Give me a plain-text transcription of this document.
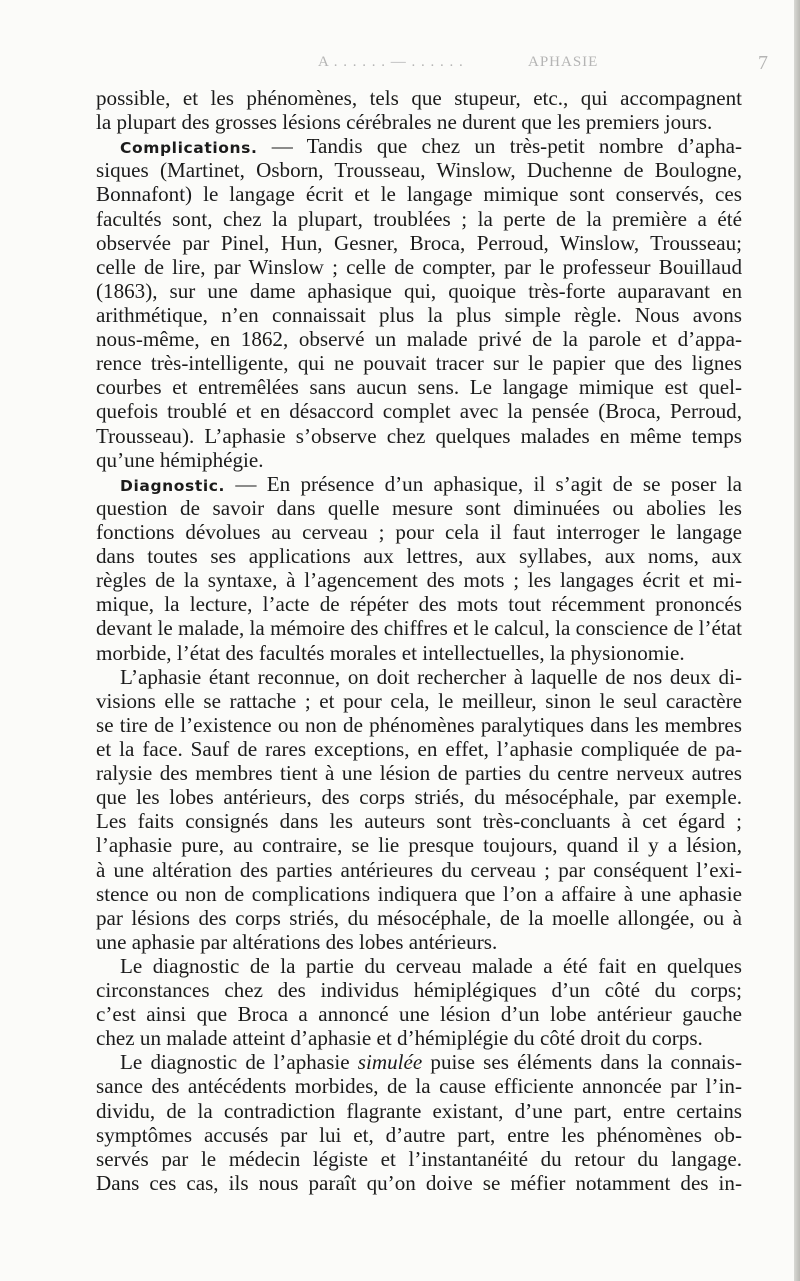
A . . . . . . — . . . . . .	APHASIE	7
possible, et les phénomènes, tels que stupeur, etc., qui accompagnent
la plupart des grosses lésions cérébrales ne durent que les premiers jours.
Complications. — Tandis que chez un très-petit nombre d’apha-
siques (Martinet, Osborn, Trousseau, Winslow, Duchenne de Boulogne,
Bonnafont) le langage écrit et le langage mimique sont conservés, ces
facultés sont, chez la plupart, troublées ; la perte de la première a été
observée par Pinel, Hun, Gesner, Broca, Perroud, Winslow, Trousseau;
celle de lire, par Winslow ; celle de compter, par le professeur Bouillaud
(1863), sur une dame aphasique qui, quoique très-forte auparavant en
arithmétique, n’en connaissait plus la plus simple règle. Nous avons
nous-même, en 1862, observé un malade privé de la parole et d’appa-
rence très-intelligente, qui ne pouvait tracer sur le papier que des lignes
courbes et entremêlées sans aucun sens. Le langage mimique est quel-
quefois troublé et en désaccord complet avec la pensée (Broca, Perroud,
Trousseau). L’aphasie s’observe chez quelques malades en même temps
qu’une hémiphégie.
Diagnostic. — En présence d’un aphasique, il s’agit de se poser la
question de savoir dans quelle mesure sont diminuées ou abolies les
fonctions dévolues au cerveau ; pour cela il faut interroger le langage
dans toutes ses applications aux lettres, aux syllabes, aux noms, aux
règles de la syntaxe, à l’agencement des mots ; les langages écrit et mi-
mique, la lecture, l’acte de répéter des mots tout récemment prononcés
devant le malade, la mémoire des chiffres et le calcul, la conscience de l’état
morbide, l’état des facultés morales et intellectuelles, la physionomie.
L’aphasie étant reconnue, on doit rechercher à laquelle de nos deux di-
visions elle se rattache ; et pour cela, le meilleur, sinon le seul caractère
se tire de l’existence ou non de phénomènes paralytiques dans les membres
et la face. Sauf de rares exceptions, en effet, l’aphasie compliquée de pa-
ralysie des membres tient à une lésion de parties du centre nerveux autres
que les lobes antérieurs, des corps striés, du mésocéphale, par exemple.
Les faits consignés dans les auteurs sont très-concluants à cet égard ;
l’aphasie pure, au contraire, se lie presque toujours, quand il y a lésion,
à une altération des parties antérieures du cerveau ; par conséquent l’exi-
stence ou non de complications indiquera que l’on a affaire à une aphasie
par lésions des corps striés, du mésocéphale, de la moelle allongée, ou à
une aphasie par altérations des lobes antérieurs.
Le diagnostic de la partie du cerveau malade a été fait en quelques
circonstances chez des individus hémiplégiques d’un côté du corps;
c’est ainsi que Broca a annoncé une lésion d’un lobe antérieur gauche
chez un malade atteint d’aphasie et d’hémiplégie du côté droit du corps.
Le diagnostic de l’aphasie simulée puise ses éléments dans la connais-
sance des antécédents morbides, de la cause efficiente annoncée par l’in-
dividu, de la contradiction flagrante existant, d’une part, entre certains
symptômes accusés par lui et, d’autre part, entre les phénomènes ob-
servés par le médecin légiste et l’instantanéité du retour du langage.
Dans ces cas, ils nous paraît qu’on doive se méfier notamment des in-
